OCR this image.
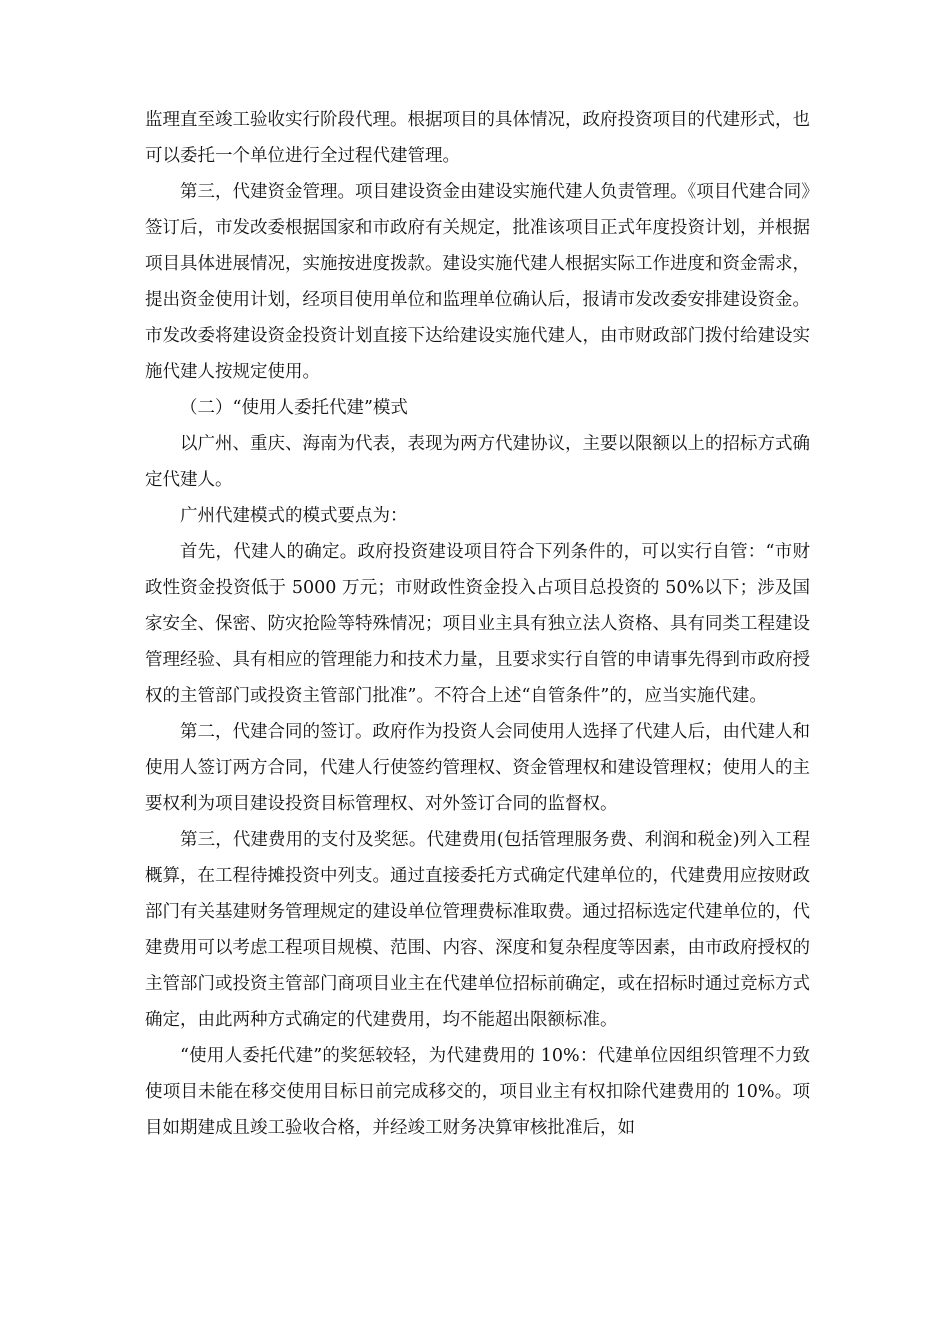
监理直至竣工验收实行阶段代理。根据项目的具体情况，政府投资项目的代建形式，也可以委托一个单位进行全过程代建管理。

第三，代建资金管理。项目建设资金由建设实施代建人负责管理。《项目代建合同》签订后，市发改委根据国家和市政府有关规定，批准该项目正式年度投资计划，并根据项目具体进展情况，实施按进度拨款。建设实施代建人根据实际工作进度和资金需求，提出资金使用计划，经项目使用单位和监理单位确认后，报请市发改委安排建设资金。市发改委将建设资金投资计划直接下达给建设实施代建人，由市财政部门拨付给建设实施代建人按规定使用。

（二）“使用人委托代建”模式

以广州、重庆、海南为代表，表现为两方代建协议，主要以限额以上的招标方式确定代建人。

广州代建模式的模式要点为：

首先，代建人的确定。政府投资建设项目符合下列条件的，可以实行自管：“市财政性资金投资低于 5000 万元；市财政性资金投入占项目总投资的 50%以下；涉及国家安全、保密、防灾抢险等特殊情况；项目业主具有独立法人资格、具有同类工程建设管理经验、具有相应的管理能力和技术力量，且要求实行自管的申请事先得到市政府授权的主管部门或投资主管部门批准”。不符合上述“自管条件”的，应当实施代建。

第二，代建合同的签订。政府作为投资人会同使用人选择了代建人后，由代建人和使用人签订两方合同，代建人行使签约管理权、资金管理权和建设管理权；使用人的主要权利为项目建设投资目标管理权、对外签订合同的监督权。

第三，代建费用的支付及奖惩。代建费用(包括管理服务费、利润和税金)列入工程概算，在工程待摊投资中列支。通过直接委托方式确定代建单位的，代建费用应按财政部门有关基建财务管理规定的建设单位管理费标准取费。通过招标选定代建单位的，代建费用可以考虑工程项目规模、范围、内容、深度和复杂程度等因素，由市政府授权的主管部门或投资主管部门商项目业主在代建单位招标前确定，或在招标时通过竞标方式确定，由此两种方式确定的代建费用，均不能超出限额标准。

“使用人委托代建”的奖惩较轻，为代建费用的 10%：代建单位因组织管理不力致使项目未能在移交使用目标日前完成移交的，项目业主有权扣除代建费用的 10%。项目如期建成且竣工验收合格，并经竣工财务决算审核批准后，如
